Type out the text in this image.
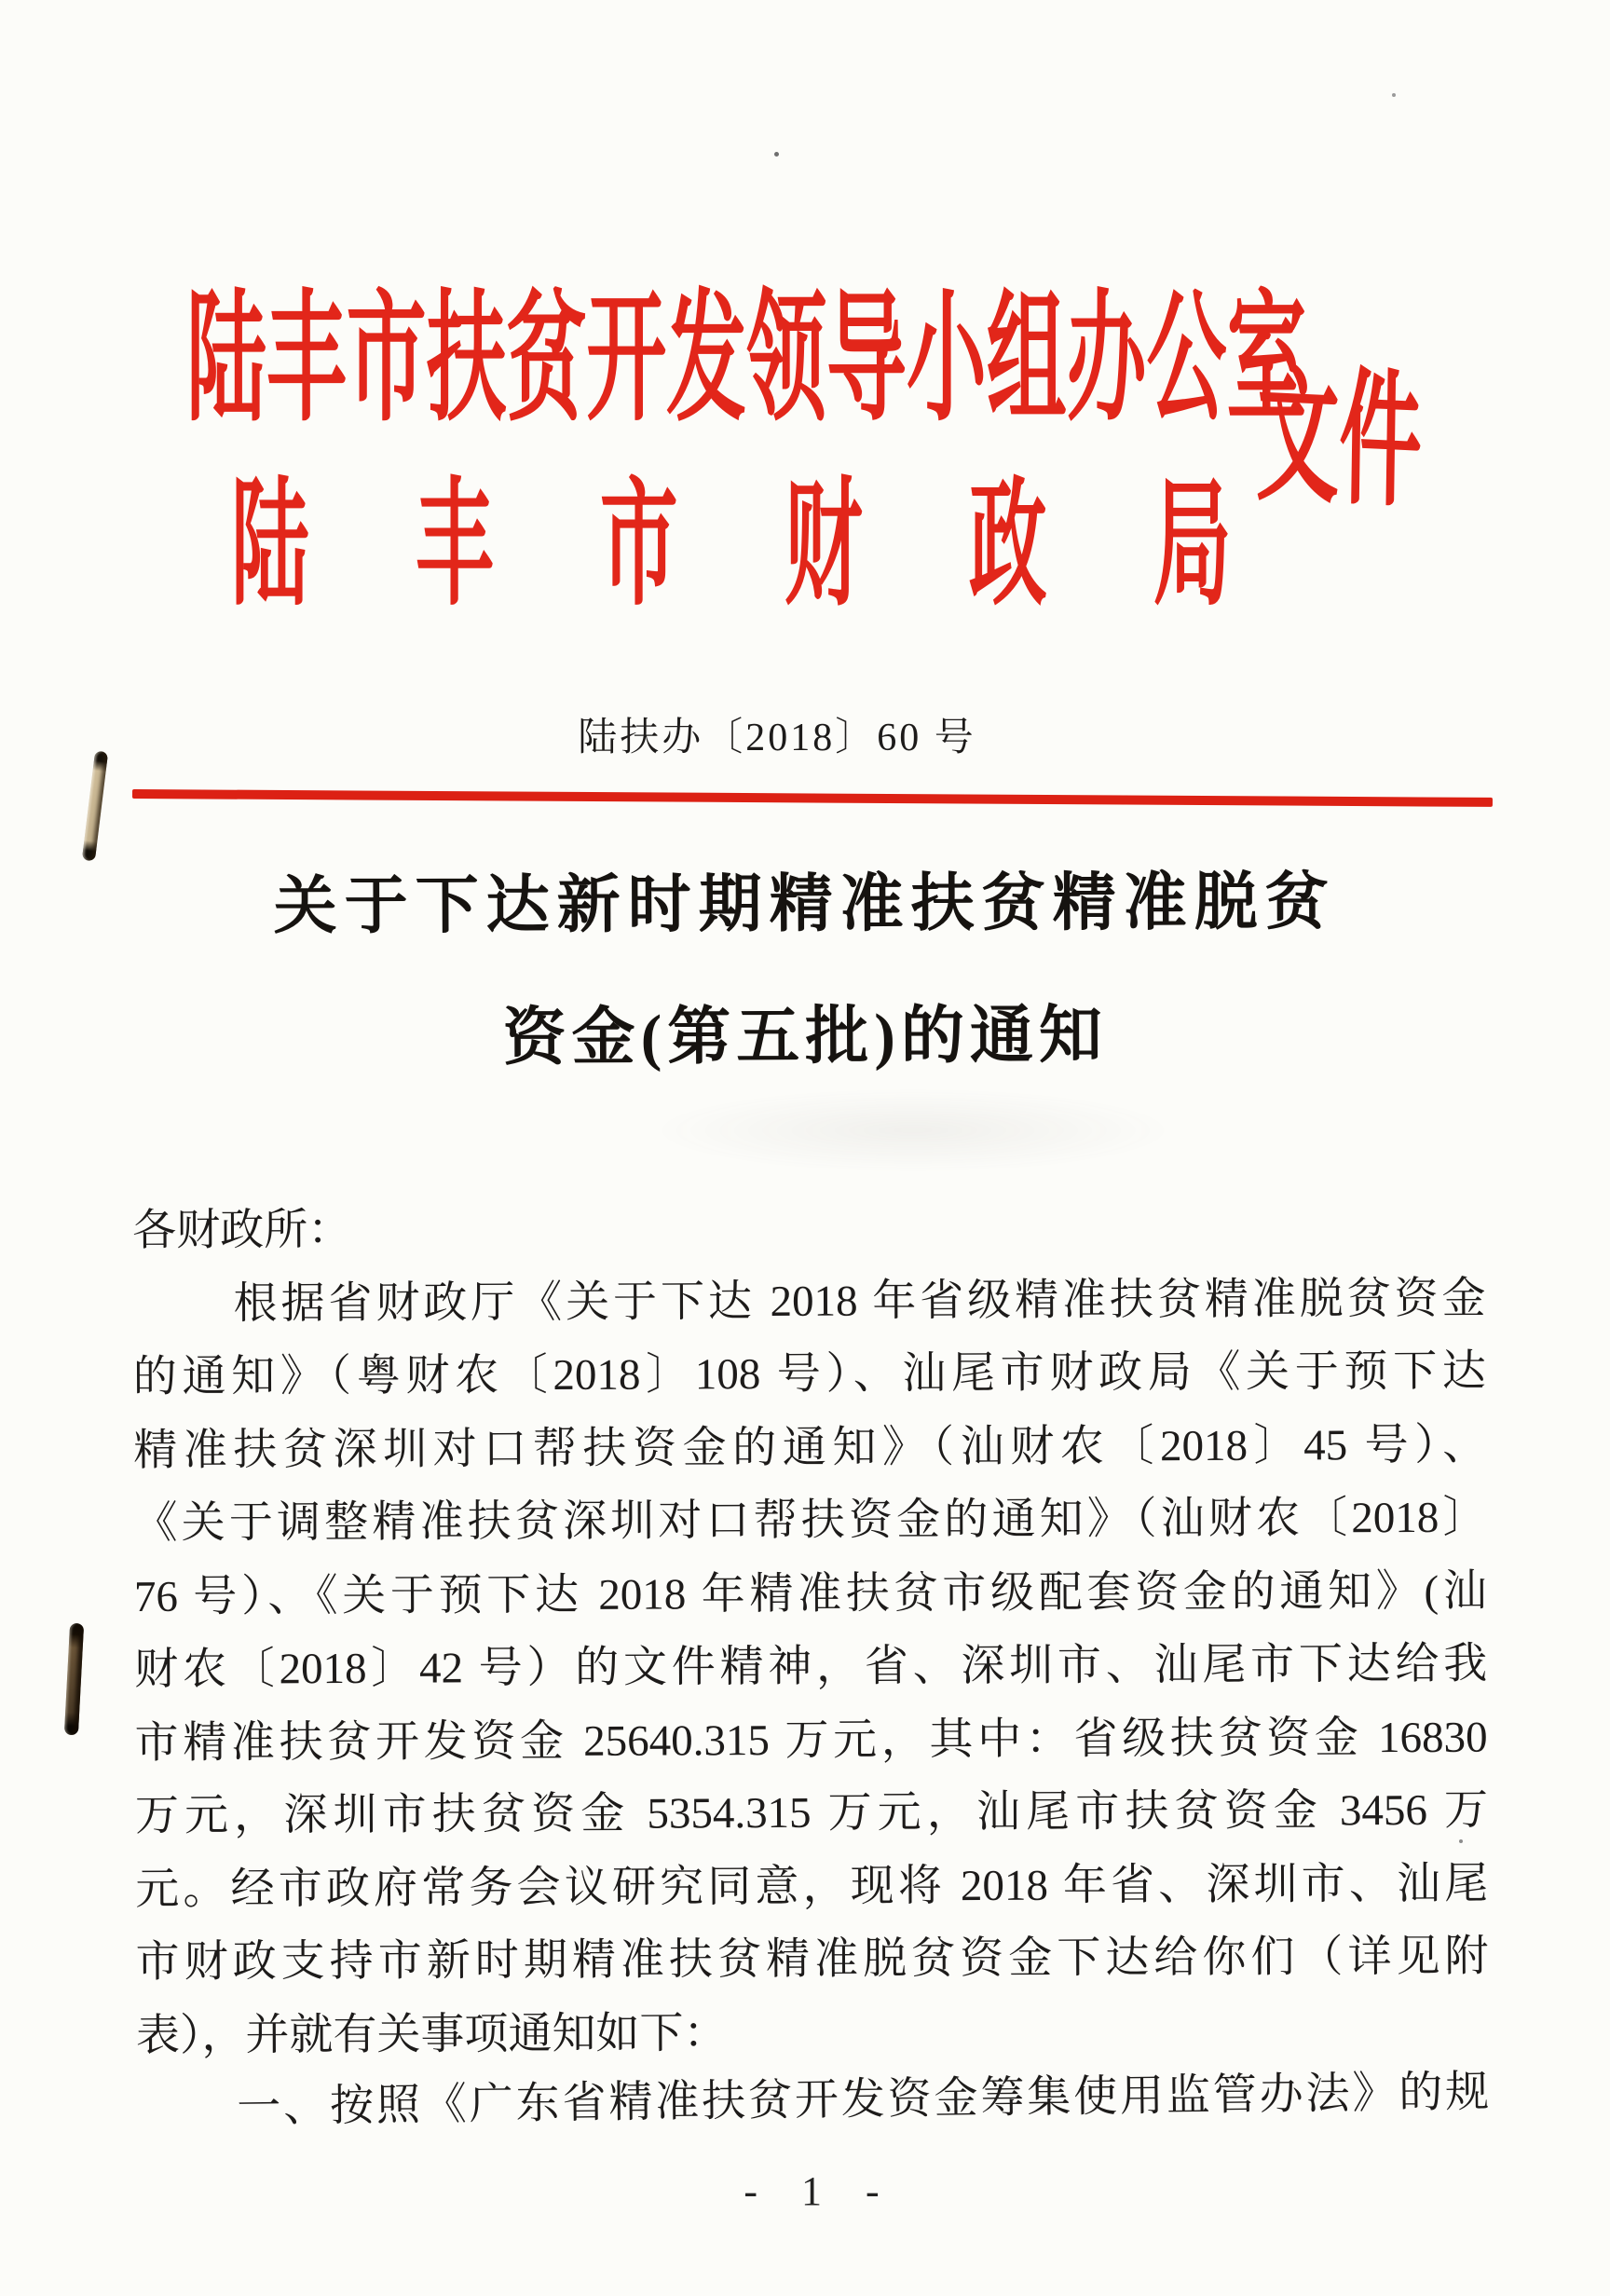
陆丰市扶贫开发领导小组办公室
陆 丰 市 财 政 局
文件
陆扶办〔2018〕60 号
关于下达新时期精准扶贫精准脱贫
资金(第五批)的通知
各财政所：
根据省财政厅《关于下达 2018 年省级精准扶贫精准脱贫资金
的通知》（粤财农〔2018〕108 号）、汕尾市财政局《关于预下达
精准扶贫深圳对口帮扶资金的通知》（汕财农〔2018〕45 号）、
《关于调整精准扶贫深圳对口帮扶资金的通知》（汕财农〔2018〕
76 号）、《关于预下达 2018 年精准扶贫市级配套资金的通知》(汕
财农〔2018〕42 号）的文件精神，省、深圳市、汕尾市下达给我
市精准扶贫开发资金 25640.315 万元，其中：省级扶贫资金 16830
万元，深圳市扶贫资金 5354.315 万元，汕尾市扶贫资金 3456 万
元。经市政府常务会议研究同意，现将 2018 年省、深圳市、汕尾
市财政支持市新时期精准扶贫精准脱贫资金下达给你们（详见附
表），并就有关事项通知如下：
一、按照《广东省精准扶贫开发资金筹集使用监管办法》的规
- 1 -
